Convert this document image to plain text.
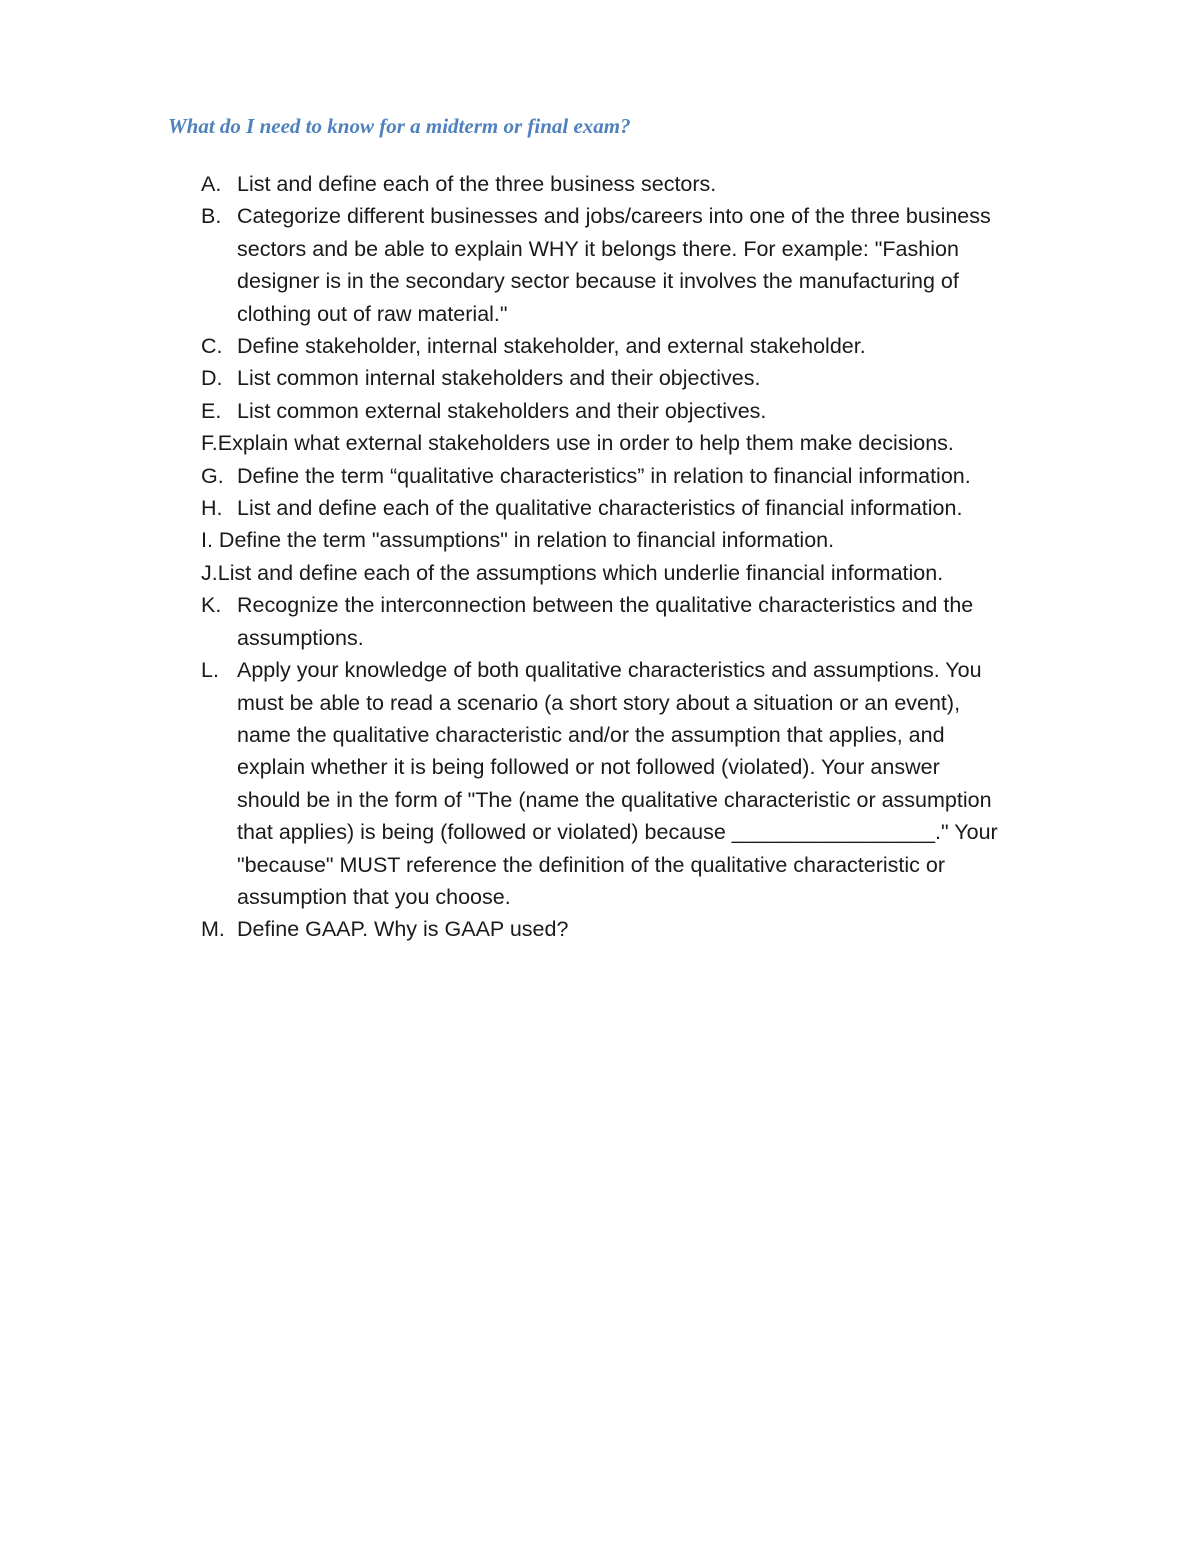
What do I need to know for a midterm or final exam?
A. List and define each of the three business sectors.
B. Categorize different businesses and jobs/careers into one of the three business
sectors and be able to explain WHY it belongs there. For example: "Fashion
designer is in the secondary sector because it involves the manufacturing of
clothing out of raw material."
C. Define stakeholder, internal stakeholder, and external stakeholder.
D. List common internal stakeholders and their objectives.
E. List common external stakeholders and their objectives.
F.Explain what external stakeholders use in order to help them make decisions.
G. Define the term “qualitative characteristics” in relation to financial information.
H. List and define each of the qualitative characteristics of financial information.
I. Define the term "assumptions" in relation to financial information.
J.List and define each of the assumptions which underlie financial information.
K. Recognize the interconnection between the qualitative characteristics and the
assumptions.
L. Apply your knowledge of both qualitative characteristics and assumptions. You
must be able to read a scenario (a short story about a situation or an event),
name the qualitative characteristic and/or the assumption that applies, and
explain whether it is being followed or not followed (violated). Your answer
should be in the form of "The (name the qualitative characteristic or assumption
that applies) is being (followed or violated) because _________________." Your
"because" MUST reference the definition of the qualitative characteristic or
assumption that you choose.
M. Define GAAP. Why is GAAP used?
